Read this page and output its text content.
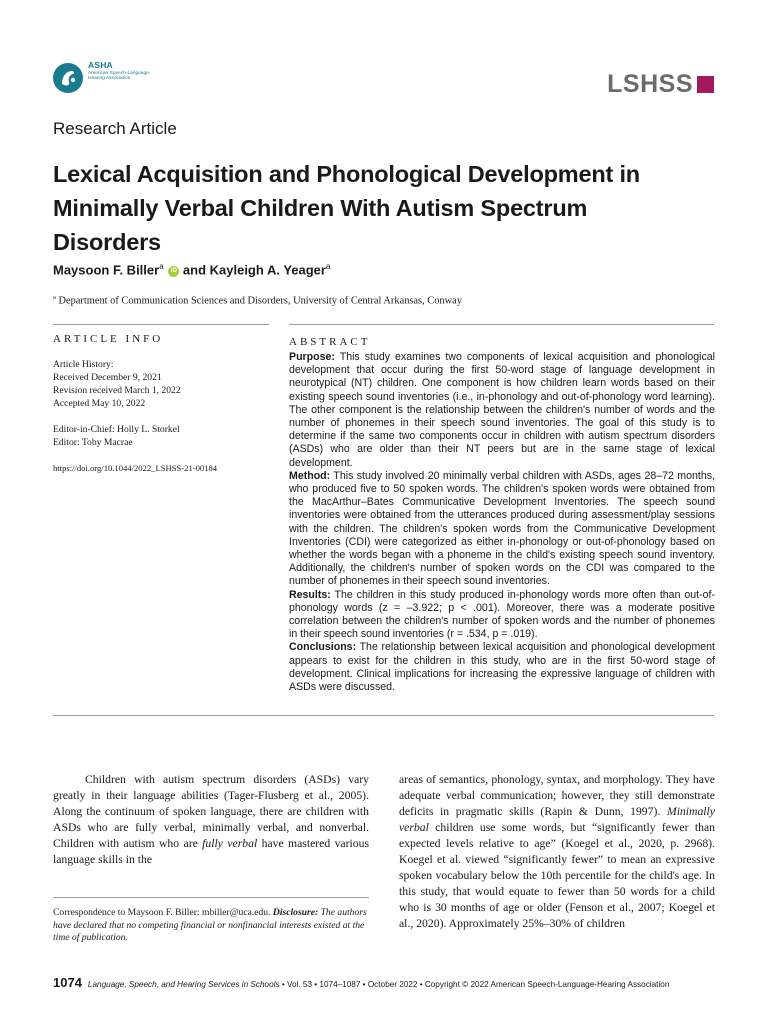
ASHA
American Speech-Language-Hearing Association	LSHSS
Research Article
Lexical Acquisition and Phonological Development in Minimally Verbal Children With Autism Spectrum Disorders
Maysoon F. Biller$^a$ iD and Kayleigh A. Yeager$^a$
$^a$ Department of Communication Sciences and Disorders, University of Central Arkansas, Conway
ARTICLE INFO	ABSTRACT
Article History:
Received December 9, 2021
Revision received March 1, 2022
Accepted May 10, 2022
Editor-in-Chief: Holly L. Storkel
Editor: Toby Macrae
https://doi.org/10.1044/2022_LSHSS-21-00184

Purpose: This study examines two components of lexical acquisition and phonological development that occur during the first 50-word stage of language development in neurotypical (NT) children. One component is how children learn words based on their existing speech sound inventories (i.e., in-phonology and out-of-phonology word learning). The other component is the relationship between the children's number of words and the number of phonemes in their speech sound inventories. The goal of this study is to determine if the same two components occur in children with autism spectrum disorders (ASDs) who are older than their NT peers but are in the same stage of lexical development.

Method: This study involved 20 minimally verbal children with ASDs, ages 28–72 months, who produced five to 50 spoken words. The children's spoken words were obtained from the MacArthur–Bates Communicative Development Inventories. The speech sound inventories were obtained from the utterances produced during assessment/play sessions with the children. The children's spoken words from the Communicative Development Inventories (CDI) were categorized as either in-phonology or out-of-phonology based on whether the words began with a phoneme in the child's existing speech sound inventory. Additionally, the children's number of spoken words on the CDI was compared to the number of phonemes in their speech sound inventories.

Results: The children in this study produced in-phonology words more often than out-of-phonology words (z = –3.922; p < .001). Moreover, there was a moderate positive correlation between the children's number of spoken words and the number of phonemes in their speech sound inventories (r = .534, p = .019).

Conclusions: The relationship between lexical acquisition and phonological development appears to exist for the children in this study, who are in the first 50-word stage of development. Clinical implications for increasing the expressive language of children with ASDs were discussed.

Children with autism spectrum disorders (ASDs) vary greatly in their language abilities (Tager-Flusberg et al., 2005). Along the continuum of spoken language, there are children with ASDs who are fully verbal, minimally verbal, and nonverbal. Children with autism who are fully verbal have mastered various language skills in the

areas of semantics, phonology, syntax, and morphology. They have adequate verbal communication; however, they still demonstrate deficits in pragmatic skills (Rapin & Dunn, 1997). Minimally verbal children use some words, but “significantly fewer than expected levels relative to age” (Koegel et al., 2020, p. 2968). Koegel et al. viewed “significantly fewer” to mean an expressive spoken vocabulary below the 10th percentile for the child's age. In this study, that would equate to fewer than 50 words for a child who is 30 months of age or older (Fenson et al., 2007; Koegel et al., 2020). Approximately 25%–30% of children

Correspondence to Maysoon F. Biller: mbiller@uca.edu. Disclosure: The authors have declared that no competing financial or nonfinancial interests existed at the time of publication.
1074 Language, Speech, and Hearing Services in Schools • Vol. 53 • 1074–1087 • October 2022 • Copyright © 2022 American Speech-Language-Hearing Association
